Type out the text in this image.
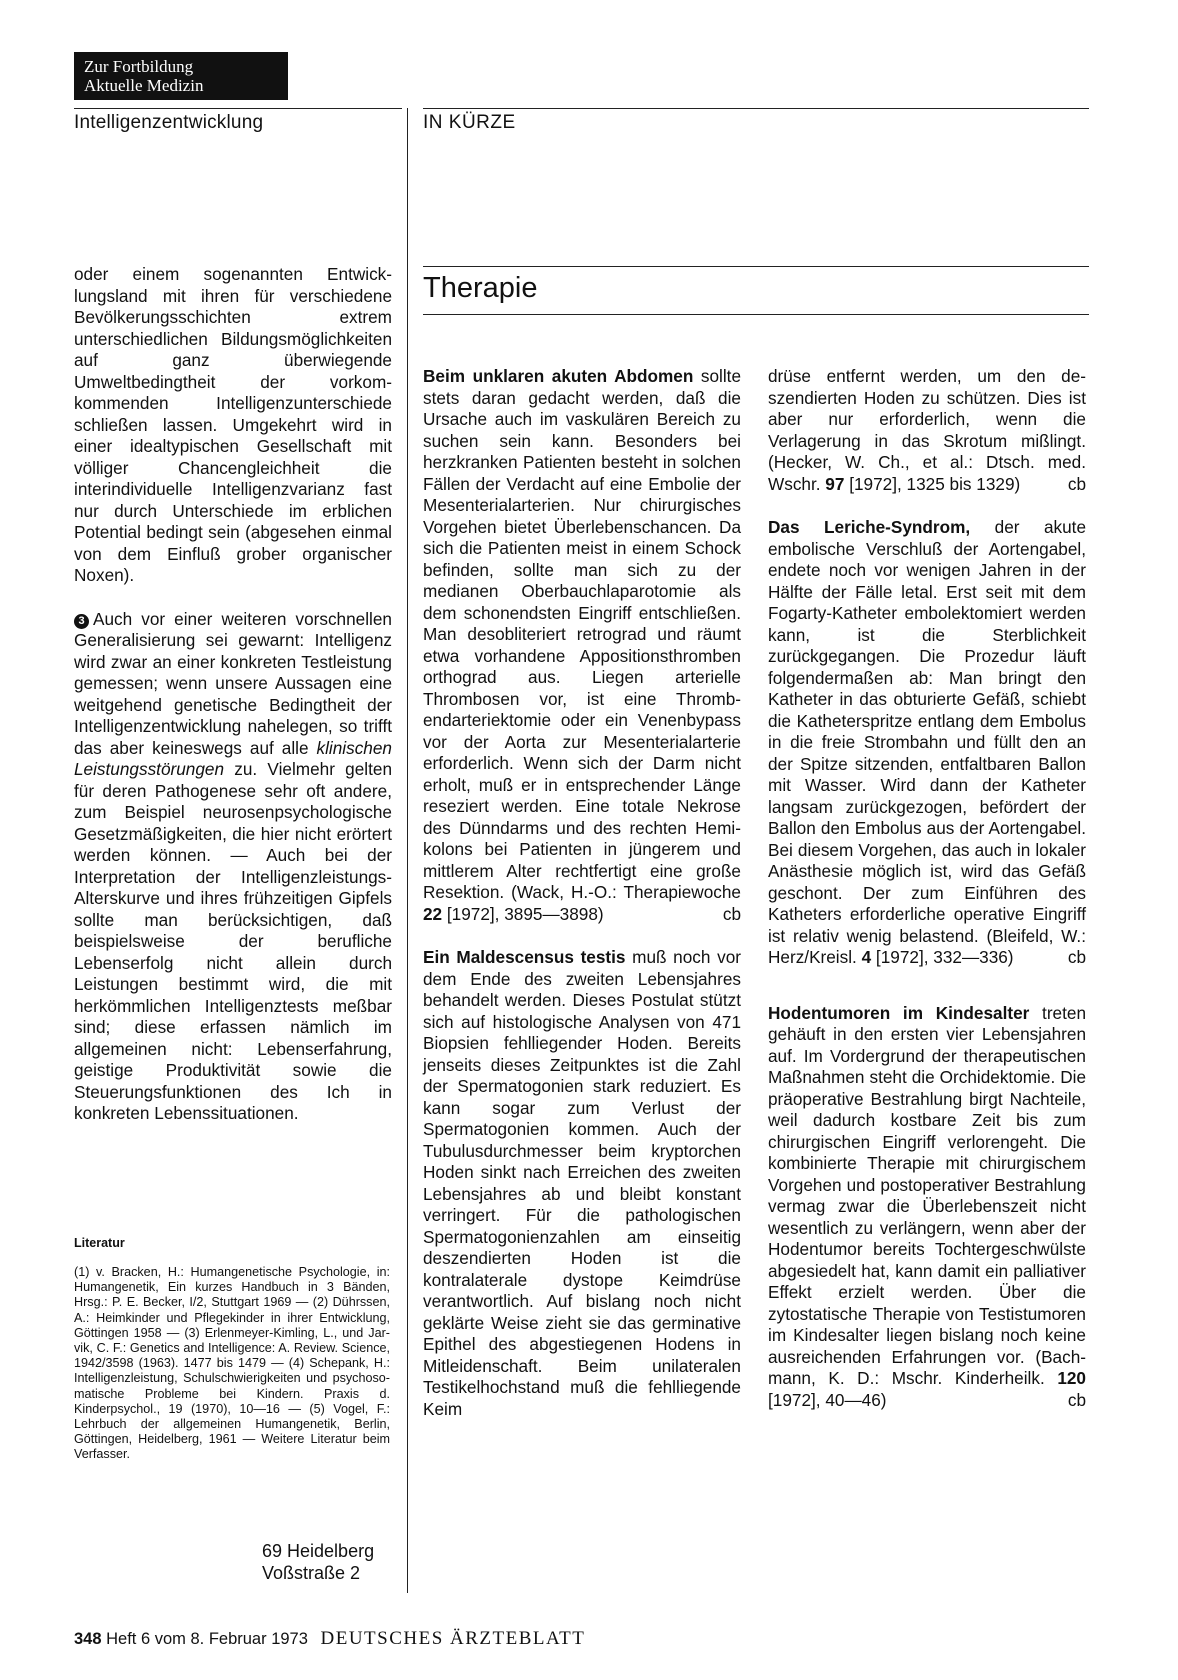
Zur Fortbildung
Aktuelle Medizin
Intelligenzentwicklung	IN KÜRZE
Therapie

oder einem sogenannten Entwicklungsland mit ihren für verschiedene Bevölkerungsschichten extrem unterschiedlichen Bildungsmöglichkeiten auf ganz überwiegende Umweltbedingtheit der vorkomkommenden Intelligenzunterschiede schließen lassen. Umgekehrt wird in einer idealtypischen Gesellschaft mit völliger Chancengleichheit die interindividuelle Intelligenzvarianz fast nur durch Unterschiede im erblichen Potential bedingt sein (abgesehen einmal von dem Einfluß grober organischer Noxen).

3 Auch vor einer weiteren vorschnellen Generalisierung sei gewarnt: Intelligenz wird zwar an einer konkreten Testleistung gemessen; wenn unsere Aussagen eine weitgehend genetische Bedingtheit der Intelligenzentwicklung nahelegen, so trifft das aber keineswegs auf alle klinischen Leistungsstörungen zu. Vielmehr gelten für deren Pathogenese sehr oft andere, zum Beispiel neurosenpsychologische Gesetzmäßigkeiten, die hier nicht erörtert werden können. — Auch bei der Interpretation der Intelligenzleistungs-Alterskurve und ihres frühzeitigen Gipfels sollte man berücksichtigen, daß beispielsweise der berufliche Lebenserfolg nicht allein durch Leistungen bestimmt wird, die mit herkömmlichen Intelligenztests meßbar sind; diese erfassen nämlich im allgemeinen nicht: Lebenserfahrung, geistige Produktivität sowie die Steuerungsfunktionen des Ich in konkreten Lebenssituationen.

Literatur
(1) v. Bracken, H.: Humangenetische Psychologie, in: Humangenetik, Ein kurzes Handbuch in 3 Bänden, Hrsg.: P. E. Becker, I/2, Stuttgart 1969 — (2) Dührssen, A.: Heimkinder und Pflegekinder in ihrer Entwicklung, Göttingen 1958 — (3) Erlenmeyer-Kimling, L., und Jarvik, C. F.: Genetics and Intelligence: A. Review. Science, 1942/3598 (1963). 1477 bis 1479 — (4) Schepank, H.: Intelligenzleistung, Schulschwierigkeiten und psychosomatische Probleme bei Kindern. Praxis d. Kinderpsychol., 19 (1970), 10—16 — (5) Vogel, F.: Lehrbuch der allgemeinen Humangenetik, Berlin, Göttingen, Heidelberg, 1961 — Weitere Literatur beim Verfasser.
69 Heidelberg
Voßstraße 2

Beim unklaren akuten Abdomen sollte stets daran gedacht werden, daß die Ursache auch im vaskulären Bereich zu suchen sein kann. Besonders bei herzkranken Patienten besteht in solchen Fällen der Verdacht auf eine Embolie der Mesenterialarterien. Nur chirurgisches Vorgehen bietet Überlebenschancen. Da sich die Patienten meist in einem Schock befinden, sollte man sich zu der medianen Oberbauchlaparotomie als dem schonendsten Eingriff entschließen. Man desobliteriert retrograd und räumt etwa vorhandene Appositionsthromben orthograd aus. Liegen arterielle Thrombosen vor, ist eine Thrombendarteriektomie oder ein Venenbypass vor der Aorta zur Mesenterialarterie erforderlich. Wenn sich der Darm nicht erholt, muß er in entsprechender Länge reseziert werden. Eine totale Nekrose des Dünndarms und des rechten Hemikolons bei Patienten in jüngerem und mittlerem Alter rechtfertigt eine große Resektion. (Wack, H.-O.: Therapiewoche 22 [1972], 3895—3898)	cb

Ein Maldescensus testis muß noch vor dem Ende des zweiten Lebensjahres behandelt werden. Dieses Postulat stützt sich auf histologische Analysen von 471 Biopsien fehlliegender Hoden. Bereits jenseits dieses Zeitpunktes ist die Zahl der Spermatogonien stark reduziert. Es kann sogar zum Verlust der Spermatogonien kommen. Auch der Tubulusdurchmesser beim kryptorchen Hoden sinkt nach Erreichen des zweiten Lebensjahres ab und bleibt konstant verringert. Für die pathologischen Spermatogonienzahlen am einseitig deszendierten Hoden ist die kontralaterale dystope Keimdrüse verantwortlich. Auf bislang noch nicht geklärte Weise zieht sie das germinative Epithel des abgestiegenen Hodens in Mitleidenschaft. Beim unilateralen Testikelhochstand muß die fehlliegende Keim

drüse entfernt werden, um den deszendierten Hoden zu schützen. Dies ist aber nur erforderlich, wenn die Verlagerung in das Skrotum mißlingt. (Hecker, W. Ch., et al.: Dtsch. med. Wschr. 97 [1972], 1325 bis 1329)	cb

Das Leriche-Syndrom, der akute embolische Verschluß der Aortengabel, endete noch vor wenigen Jahren in der Hälfte der Fälle letal. Erst seit mit dem Fogarty-Katheter embolektomiert werden kann, ist die Sterblichkeit zurückgegangen. Die Prozedur läuft folgendermaßen ab: Man bringt den Katheter in das obturierte Gefäß, schiebt die Katheterspritze entlang dem Embolus in die freie Strombahn und füllt den an der Spitze sitzenden, entfaltbaren Ballon mit Wasser. Wird dann der Katheter langsam zurückgezogen, befördert der Ballon den Embolus aus der Aortengabel. Bei diesem Vorgehen, das auch in lokaler Anästhesie möglich ist, wird das Gefäß geschont. Der zum Einführen des Katheters erforderliche operative Eingriff ist relativ wenig belastend. (Bleifeld, W.: Herz/Kreisl. 4 [1972], 332—336)	cb

Hodentumoren im Kindesalter treten gehäuft in den ersten vier Lebensjahren auf. Im Vordergrund der therapeutischen Maßnahmen steht die Orchidektomie. Die präoperative Bestrahlung birgt Nachteile, weil dadurch kostbare Zeit bis zum chirurgischen Eingriff verlorengeht. Die kombinierte Therapie mit chirurgischem Vorgehen und postoperativer Bestrahlung vermag zwar die Überlebenszeit nicht wesentlich zu verlängern, wenn aber der Hodentumor bereits Tochtergeschwülste abgesiedelt hat, kann damit ein palliativer Effekt erzielt werden. Über die zytostatische Therapie von Testistumoren im Kindesalter liegen bislang noch keine ausreichenden Erfahrungen vor. (Bachmann, K. D.: Mschr. Kinderheilk. 120 [1972], 40—46)	cb

348 Heft 6 vom 8. Februar 1973 DEUTSCHES ÄRZTEBLATT
